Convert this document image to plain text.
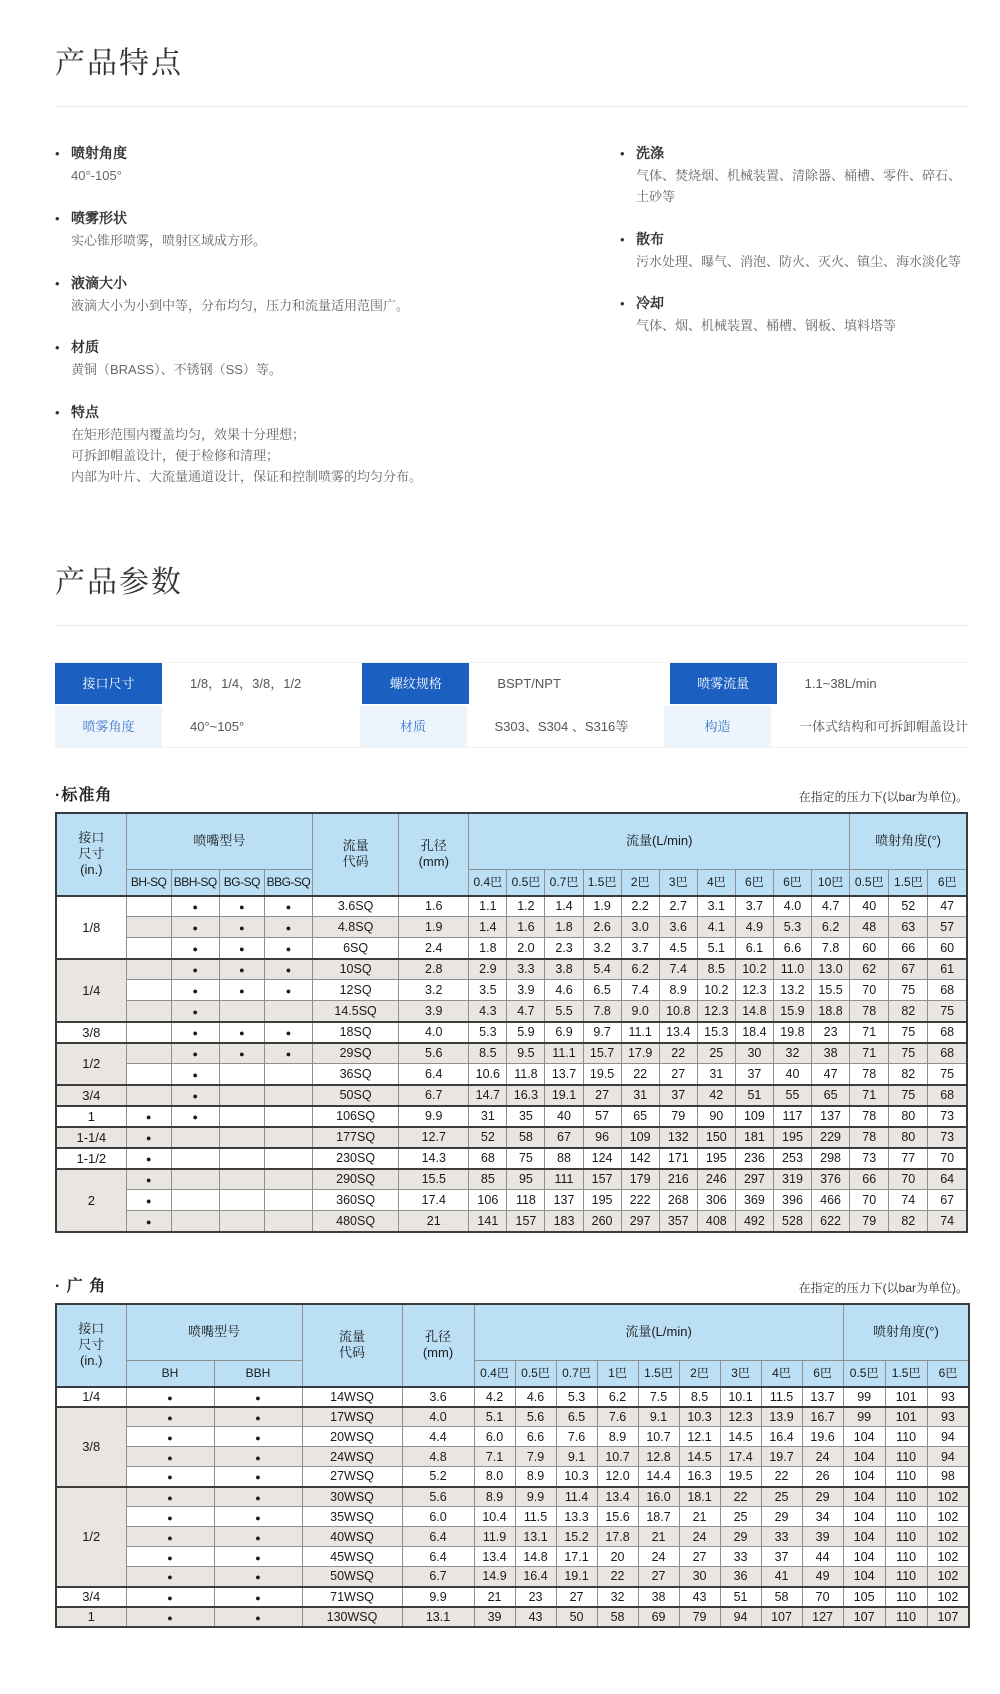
产品特点
• 喷射角度
40°-105°
• 喷雾形状
实心锥形喷雾，喷射区域成方形。
• 液滴大小
液滴大小为小到中等，分布均匀，压力和流量适用范围广。
• 材质
黄铜（BRASS）、不锈钢（SS）等。
• 特点
在矩形范围内覆盖均匀，效果十分理想；
可拆卸帽盖设计，便于检修和清理；
内部为叶片、大流量通道设计，保证和控制喷雾的均匀分布。
• 洗涤
气体、焚烧烟、机械装置、清除器、桶槽、零件、碎石、土砂等
• 散布
污水处理、曝气、消泡、防火、灭火、镇尘、海水淡化等
• 冷却
气体、烟、机械装置、桶槽、钢板、填料塔等
产品参数
接口尺寸	1/8，1/4，3/8，1/2	螺纹规格	BSPT/NPT	喷雾流量	1.1~38L/min
喷雾角度	40°~105°	材质	S303、S304 、S316等	构造	一体式结构和可拆卸帽盖设计
·标准角	在指定的压力下(以bar为单位)。
接口
尺寸
(in.)
	喷嘴型号	流量
代码

孔径
(mm)
	流量(L/min)	喷射角度(°)
	BH-SQ	BBH-SQ	BG-SQ	BBG-SQ			0.4巴	0.5巴	0.7巴	1.5巴	2巴	3巴	4巴	6巴	6巴	10巴	0.5巴	1.5巴	6巴
1/8		●	●	●	3.6SQ	1.6	1.1	1.2	1.4	1.9	2.2	2.7	3.1	3.7	4.0	4.7	40	52	47
		●	●	●	4.8SQ	1.9	1.4	1.6	1.8	2.6	3.0	3.6	4.1	4.9	5.3	6.2	48	63	57
		●	●	●	6SQ	2.4	1.8	2.0	2.3	3.2	3.7	4.5	5.1	6.1	6.6	7.8	60	66	60
1/4		●	●	●	10SQ	2.8	2.9	3.3	3.8	5.4	6.2	7.4	8.5	10.2	11.0	13.0	62	67	61
		●	●	●	12SQ	3.2	3.5	3.9	4.6	6.5	7.4	8.9	10.2	12.3	13.2	15.5	70	75	68
		●			14.5SQ	3.9	4.3	4.7	5.5	7.8	9.0	10.8	12.3	14.8	15.9	18.8	78	82	75
3/8		●	●	●	18SQ	4.0	5.3	5.9	6.9	9.7	11.1	13.4	15.3	18.4	19.8	23	71	75	68
1/2		●	●	●	29SQ	5.6	8.5	9.5	11.1	15.7	17.9	22	25	30	32	38	71	75	68
		●			36SQ	6.4	10.6	11.8	13.7	19.5	22	27	31	37	40	47	78	82	75
3/4		●			50SQ	6.7	14.7	16.3	19.1	27	31	37	42	51	55	65	71	75	68
1	●	●			106SQ	9.9	31	35	40	57	65	79	90	109	117	137	78	80	73
1-1/4	●				177SQ	12.7	52	58	67	96	109	132	150	181	195	229	78	80	73
1-1/2	●				230SQ	14.3	68	75	88	124	142	171	195	236	253	298	73	77	70
2	●				290SQ	15.5	85	95	111	157	179	216	246	297	319	376	66	70	64
	●				360SQ	17.4	106	118	137	195	222	268	306	369	396	466	70	74	67
	●				480SQ	21	141	157	183	260	297	357	408	492	528	622	79	82	74
· 广 角	在指定的压力下(以bar为单位)。
接口
尺寸
(in.)
	喷嘴型号	流量
代码

孔径
(mm)
	流量(L/min)	喷射角度(°)
	BH	BBH			0.4巴	0.5巴	0.7巴	1巴	1.5巴	2巴	3巴	4巴	6巴	0.5巴	1.5巴	6巴
1/4	●	●	14WSQ	3.6	4.2	4.6	5.3	6.2	7.5	8.5	10.1	11.5	13.7	99	101	93
3/8	●	●	17WSQ	4.0	5.1	5.6	6.5	7.6	9.1	10.3	12.3	13.9	16.7	99	101	93
	●	●	20WSQ	4.4	6.0	6.6	7.6	8.9	10.7	12.1	14.5	16.4	19.6	104	110	94
	●	●	24WSQ	4.8	7.1	7.9	9.1	10.7	12.8	14.5	17.4	19.7	24	104	110	94
	●	●	27WSQ	5.2	8.0	8.9	10.3	12.0	14.4	16.3	19.5	22	26	104	110	98
1/2	●	●	30WSQ	5.6	8.9	9.9	11.4	13.4	16.0	18.1	22	25	29	104	110	102
	●	●	35WSQ	6.0	10.4	11.5	13.3	15.6	18.7	21	25	29	34	104	110	102
	●	●	40WSQ	6.4	11.9	13.1	15.2	17.8	21	24	29	33	39	104	110	102
	●	●	45WSQ	6.4	13.4	14.8	17.1	20	24	27	33	37	44	104	110	102
	●	●	50WSQ	6.7	14.9	16.4	19.1	22	27	30	36	41	49	104	110	102
3/4	●	●	71WSQ	9.9	21	23	27	32	38	43	51	58	70	105	110	102
1	●	●	130WSQ	13.1	39	43	50	58	69	79	94	107	127	107	110	107
